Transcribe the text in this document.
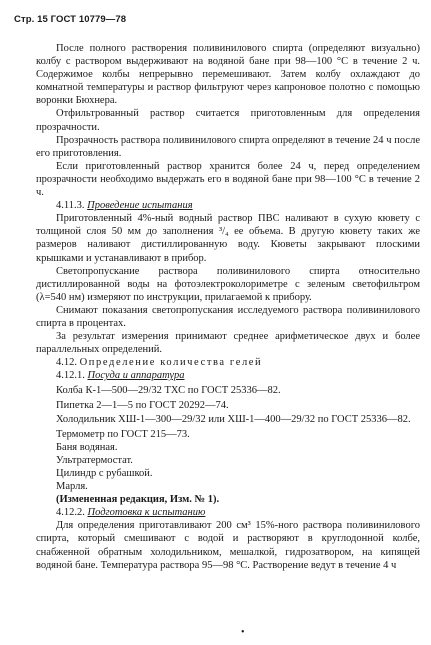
Стр. 15 ГОСТ 10779—78

После полного растворения поливинилового спирта (определяют визуально) колбу с раствором выдерживают на водяной бане при 98—100 °С в течение 2 ч. Содержимое колбы непрерывно перемешивают. Затем колбу охлаждают до комнатной температуры и раствор фильтруют через капроновое полотно с помощью воронки Бюхнера.

Отфильтрованный раствор считается приготовленным для определения прозрачности.

Прозрачность раствора поливинилового спирта определяют в течение 24 ч после его приготовления.

Если приготовленный раствор хранится более 24 ч, перед определением прозрачности необходимо выдержать его в водяной бане при 98—100 °С в течение 2 ч.

4.11.3. Проведение испытания

Приготовленный 4%-ный водный раствор ПВС наливают в сухую кювету с толщиной слоя 50 мм до заполнения ³/₄ ее объема. В другую кювету таких же размеров наливают дистиллированную воду. Кюветы закрывают плоскими крышками и устанавливают в прибор.

Светопропускание раствора поливинилового спирта относительно дистиллированной воды на фотоэлектроколориметре с зеленым светофильтром (λ=540 нм) измеряют по инструкции, прилагаемой к прибору.

Снимают показания светопропускания исследуемого раствора поливинилового спирта в процентах.

За результат измерения принимают среднее арифметическое двух и более параллельных определений.

4.12. Определение количества гелей

4.12.1. Посуда и аппаратура

Колба К-1—500—29/32 ТХС по ГОСТ 25336—82.

Пипетка 2—1—5 по ГОСТ 20292—74.

Холодильник ХШ-1—300—29/32 или ХШ-1—400—29/32 по ГОСТ 25336—82.

Термометр по ГОСТ 215—73.

Баня водяная.

Ультратермостат.

Цилиндр с рубашкой.

Марля.

(Измененная редакция, Изм. № 1).

4.12.2. Подготовка к испытанию

Для определения приготавливают 200 см³ 15%-ного раствора поливинилового спирта, который смешивают с водой и растворяют в круглодонной колбе, снабженной обратным холодильником, мешалкой, гидрозатвором, на кипящей водяной бане. Температура раствора 95—98 °С. Растворение ведут в течение 4 ч

•
